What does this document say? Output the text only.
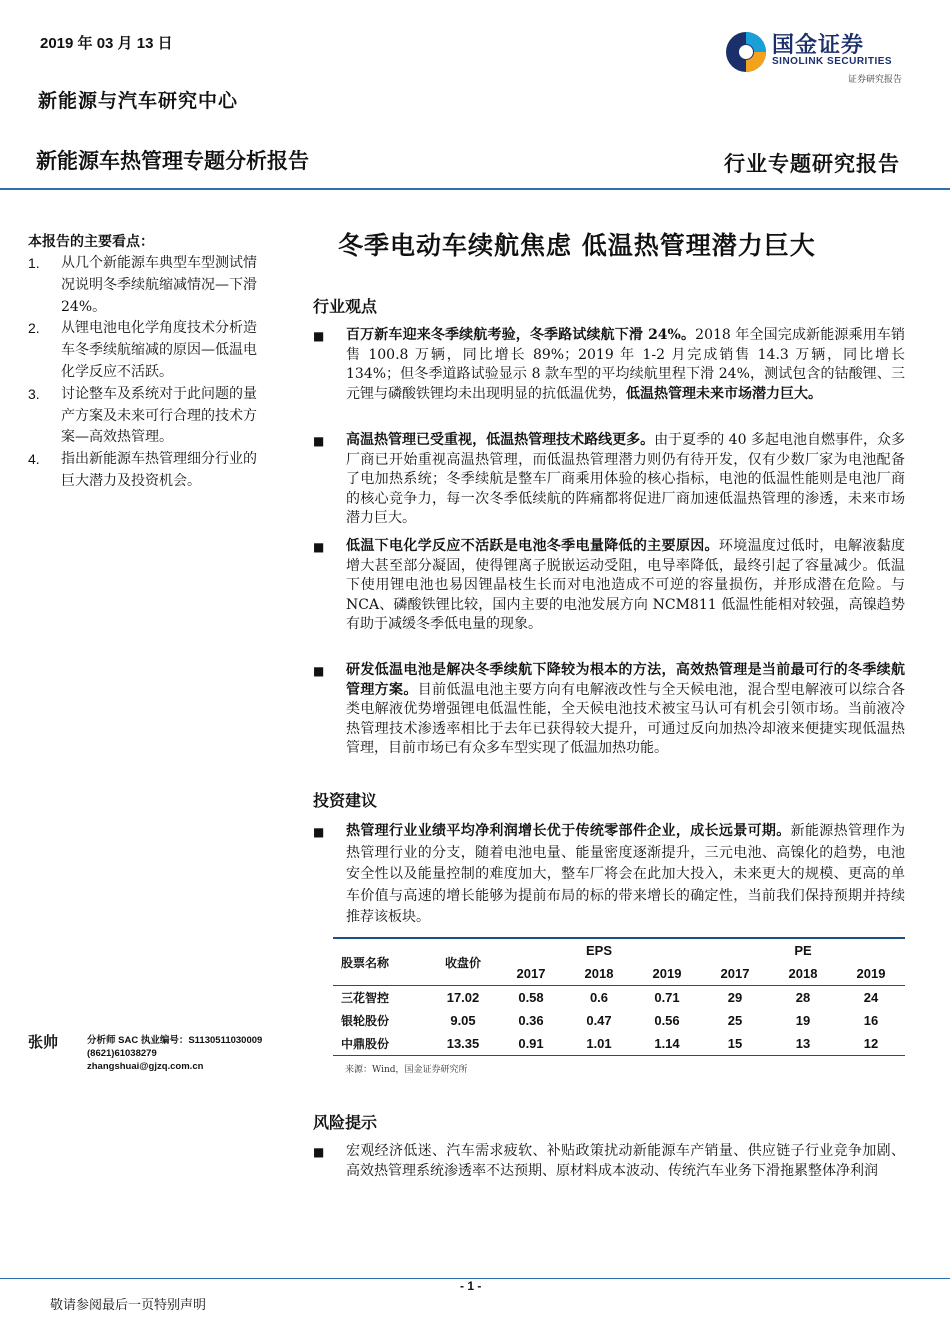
2019 年 03 月 13 日
新能源与汽车研究中心
新能源车热管理专题分析报告	行业专题研究报告
国金证券
SINOLINK SECURITIES
证券研究报告
本报告的主要看点：
1.	从几个新能源车典型车型测试情况说明冬季续航缩减情况—下滑 24%。
2.	从锂电池电化学角度技术分析造车冬季续航缩减的原因—低温电化学反应不活跃。
3.	讨论整车及系统对于此问题的量产方案及未来可行合理的技术方案—高效热管理。
4.	指出新能源车热管理细分行业的巨大潜力及投资机会。
张帅	分析师 SAC 执业编号：S1130511030009
(8621)61038279
zhangshuai@gjzq.com.cn
冬季电动车续航焦虑 低温热管理潜力巨大
行业观点
■	百万新车迎来冬季续航考验，冬季路试续航下滑 24%。2018 年全国完成新能源乘用车销售 100.8 万辆，同比增长 89%；2019 年 1-2 月完成销售 14.3 万辆，同比增长 134%；但冬季道路试验显示 8 款车型的平均续航里程下滑 24%，测试包含的钴酸锂、三元锂与磷酸铁锂均未出现明显的抗低温优势，低温热管理未来市场潜力巨大。
■	高温热管理已受重视，低温热管理技术路线更多。由于夏季的 40 多起电池自燃事件，众多厂商已开始重视高温热管理，而低温热管理潜力则仍有待开发，仅有少数厂家为电池配备了电加热系统；冬季续航是整车厂商乘用体验的核心指标，电池的低温性能则是电池厂商的核心竞争力，每一次冬季低续航的阵痛都将促进厂商加速低温热管理的渗透，未来市场潜力巨大。
■	低温下电化学反应不活跃是电池冬季电量降低的主要原因。环境温度过低时，电解液黏度增大甚至部分凝固，使得锂离子脱嵌运动受阻，电导率降低，最终引起了容量减少。低温下使用锂电池也易因锂晶枝生长而对电池造成不可逆的容量损伤，并形成潜在危险。与 NCA、磷酸铁锂比较，国内主要的电池发展方向 NCM811 低温性能相对较强，高镍趋势有助于减缓冬季低电量的现象。
■	研发低温电池是解决冬季续航下降较为根本的方法，高效热管理是当前最可行的冬季续航管理方案。目前低温电池主要方向有电解液改性与全天候电池，混合型电解液可以综合各类电解液优势增强锂电低温性能，全天候电池技术被宝马认可有机会引领市场。当前液冷热管理技术渗透率相比于去年已获得较大提升，可通过反向加热冷却液来便捷实现低温热管理，目前市场已有众多车型实现了低温加热功能。
投资建议
■	热管理行业业绩平均净利润增长优于传统零部件企业，成长远景可期。新能源热管理作为热管理行业的分支，随着电池电量、能量密度逐渐提升，三元电池、高镍化的趋势，电池安全性以及能量控制的难度加大，整车厂将会在此加大投入，未来更大的规模、更高的单车价值与高速的增长能够为提前布局的标的带来增长的确定性，当前我们保持预期并持续推荐该板块。
股票名称	收盘价	EPS			PE		
		2017	2018	2019	2017	2018	2019
三花智控	17.02	0.58	0.6	0.71	29	28	24
银轮股份	9.05	0.36	0.47	0.56	25	19	16
中鼎股份	13.35	0.91	1.01	1.14	15	13	12
来源：Wind，国金证券研究所
风险提示
■	宏观经济低迷、汽车需求疲软、补贴政策扰动新能源车产销量、供应链子行业竞争加剧、高效热管理系统渗透率不达预期、原材料成本波动、传统汽车业务下滑拖累整体净利润
- 1 -
敬请参阅最后一页特别声明
